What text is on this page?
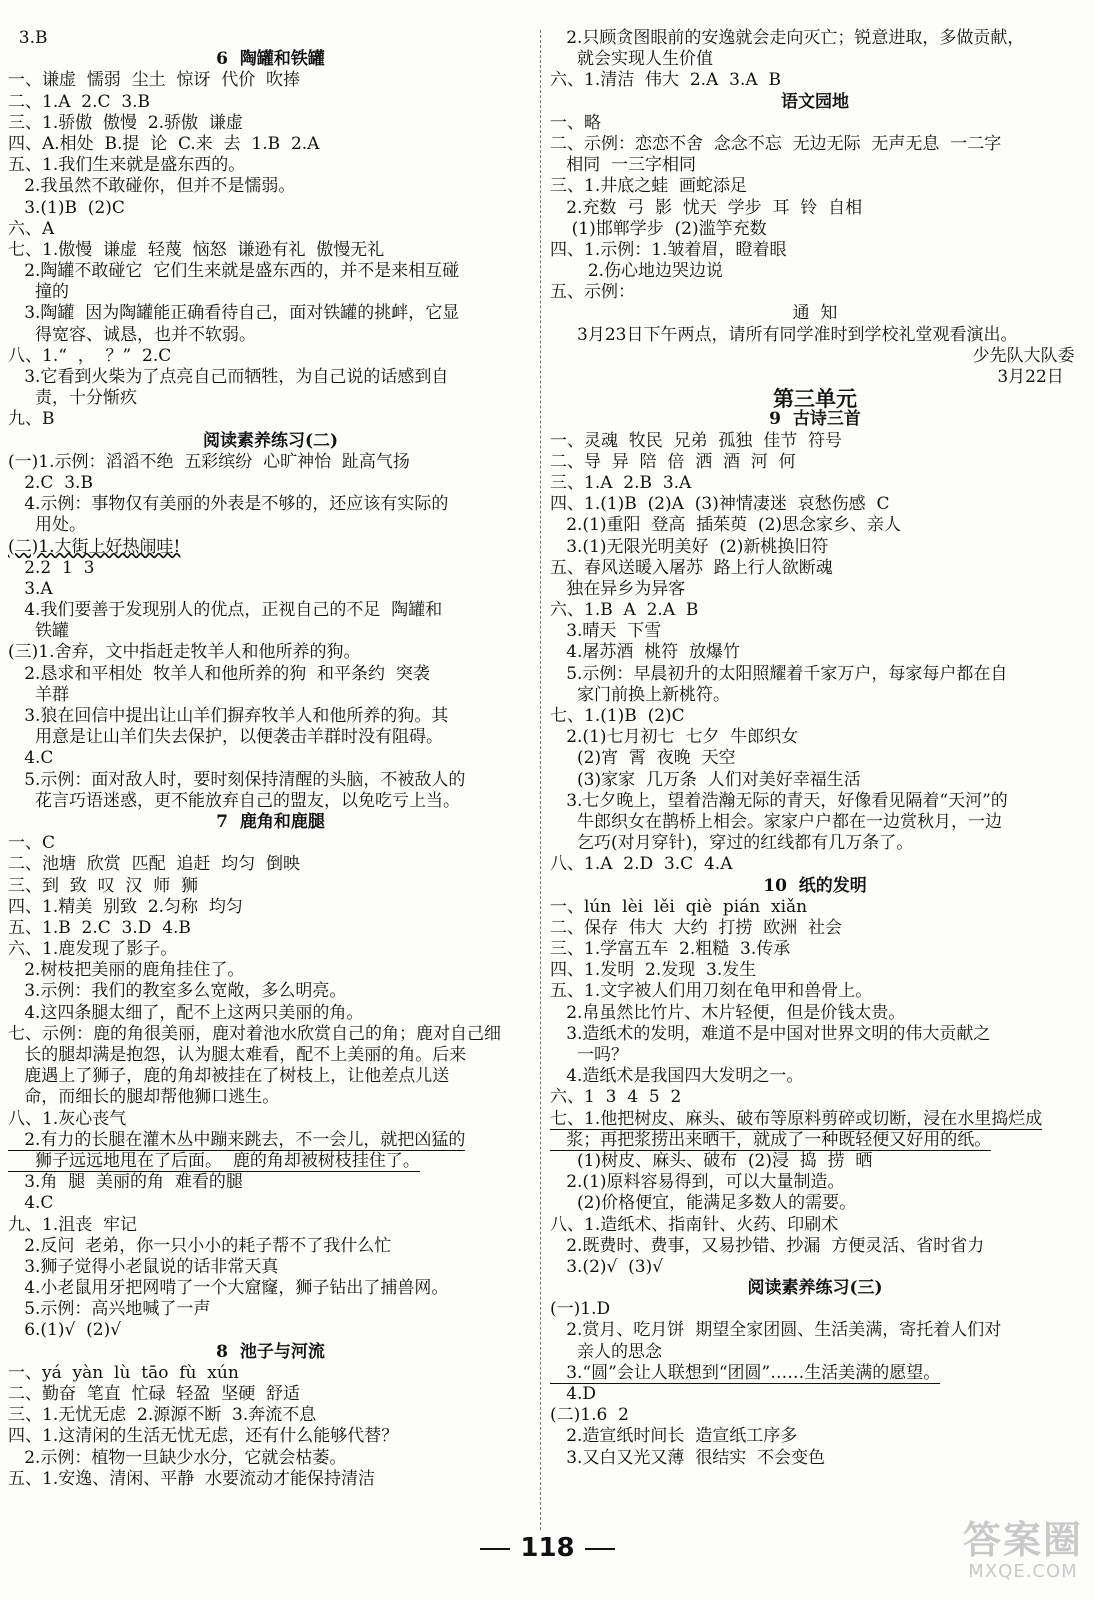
3.B
6  陶罐和铁罐
一、谦虚  懦弱  尘土  惊讶  代价  吹捧
二、1.A  2.C  3.B
三、1.骄傲  傲慢  2.骄傲  谦虚
四、A.相处  B.提  论  C.来  去  1.B  2.A
五、1.我们生来就是盛东西的。
2.我虽然不敢碰你，但并不是懦弱。
3.(1)B  (2)C
六、A
七、1.傲慢  谦虚  轻蔑  恼怒  谦逊有礼  傲慢无礼
2.陶罐不敢碰它  它们生来就是盛东西的，并不是来相互碰
撞的
3.陶罐  因为陶罐能正确看待自己，面对铁罐的挑衅，它显
得宽容、诚恳，也并不软弱。
八、1.“  ，  ？”  2.C
3.它看到火柴为了点亮自己而牺牲，为自己说的话感到自
责，十分惭疚
九、B
阅读素养练习(二)
(一)1.示例：滔滔不绝  五彩缤纷  心旷神怡  趾高气扬
2.C  3.B
4.示例：事物仅有美丽的外表是不够的，还应该有实际的
用处。
(二)1.大街上好热闹哇!
2.2  1  3
3.A
4.我们要善于发现别人的优点，正视自己的不足  陶罐和
铁罐
(三)1.舍弃，文中指赶走牧羊人和他所养的狗。
2.恳求和平相处  牧羊人和他所养的狗  和平条约  突袭
羊群
3.狼在回信中提出让山羊们摒弃牧羊人和他所养的狗。其
用意是让山羊们失去保护，以便袭击羊群时没有阻碍。
4.C
5.示例：面对敌人时，要时刻保持清醒的头脑，不被敌人的
花言巧语迷惑，更不能放弃自己的盟友，以免吃亏上当。
7  鹿角和鹿腿
一、C
二、池塘  欣赏  匹配  追赶  均匀  倒映
三、到  致  叹  汉  师  狮
四、1.精美  别致  2.匀称  均匀
五、1.B  2.C  3.D  4.B
六、1.鹿发现了影子。
2.树枝把美丽的鹿角挂住了。
3.示例：我们的教室多么宽敞，多么明亮。
4.这四条腿太细了，配不上这两只美丽的角。
七、示例：鹿的角很美丽，鹿对着池水欣赏自己的角；鹿对自己细
长的腿却满是抱怨，认为腿太难看，配不上美丽的角。后来
鹿遇上了狮子，鹿的角却被挂在了树枝上，让他差点儿送
命，而细长的腿却帮他狮口逃生。
八、1.灰心丧气
2.有力的长腿在灌木丛中蹦来跳去，不一会儿，就把凶猛的
狮子远远地甩在了后面。  鹿的角却被树枝挂住了。
3.角  腿  美丽的角  难看的腿
4.C
九、1.沮丧  牢记
2.反问  老弟，你一只小小的耗子帮不了我什么忙
3.狮子觉得小老鼠说的话非常天真
4.小老鼠用牙把网啃了一个大窟窿，狮子钻出了捕兽网。
5.示例：高兴地喊了一声
6.(1)√  (2)√
8  池子与河流
一、yá  yàn  lù  tāo  fù  xún
二、勤奋  笔直  忙碌  轻盈  坚硬  舒适
三、1.无忧无虑  2.源源不断  3.奔流不息
四、1.这清闲的生活无忧无虑，还有什么能够代替？
2.示例：植物一旦缺少水分，它就会枯萎。
五、1.安逸、清闲、平静  水要流动才能保持清洁
2.只顾贪图眼前的安逸就会走向灭亡；锐意进取，多做贡献，
就会实现人生价值
六、1.清洁  伟大  2.A  3.A  B
语文园地
一、略
二、示例：恋恋不舍  念念不忘  无边无际  无声无息  一二字
相同  一三字相同
三、1.井底之蛙  画蛇添足
2.充数  弓  影  忧天  学步  耳  铃  自相
(1)邯郸学步  (2)滥竽充数
四、1.示例：1.皱着眉，瞪着眼
2.伤心地边哭边说
五、示例：
通  知
3月23日下午两点，请所有同学准时到学校礼堂观看演出。
少先队大队委
3月22日
第三单元
9  古诗三首
一、灵魂  牧民  兄弟  孤独  佳节  符号
二、导  异  陪  倍  洒  酒  河  何
三、1.A  2.B  3.A
四、1.(1)B  (2)A  (3)神情凄迷  哀愁伤感  C
2.(1)重阳  登高  插茱萸  (2)思念家乡、亲人
3.(1)无限光明美好  (2)新桃换旧符
五、春风送暖入屠苏  路上行人欲断魂
独在异乡为异客
六、1.B  A  2.A  B
3.晴天  下雪
4.屠苏酒  桃符  放爆竹
5.示例：早晨初升的太阳照耀着千家万户，每家每户都在自
家门前换上新桃符。
七、1.(1)B  (2)C
2.(1)七月初七  七夕  牛郎织女
(2)宵  霄  夜晚  天空
(3)家家  几万条  人们对美好幸福生活
3.七夕晚上，望着浩瀚无际的青天，好像看见隔着“天河”的
牛郎织女在鹊桥上相会。家家户户都在一边赏秋月，一边
乞巧(对月穿针)，穿过的红线都有几万条了。
八、1.A  2.D  3.C  4.A
10  纸的发明
一、lún  lèi  lěi  qiè  pián  xiǎn
二、保存  伟大  大约  打捞  欧洲  社会
三、1.学富五车  2.粗糙  3.传承
四、1.发明  2.发现  3.发生
五、1.文字被人们用刀刻在龟甲和兽骨上。
2.帛虽然比竹片、木片轻便，但是价钱太贵。
3.造纸术的发明，难道不是中国对世界文明的伟大贡献之
一吗？
4.造纸术是我国四大发明之一。
六、1  3  4  5  2
七、1.他把树皮、麻头、破布等原料剪碎或切断，浸在水里捣烂成
浆；再把浆捞出来晒干，就成了一种既轻便又好用的纸。
(1)树皮、麻头、破布  (2)浸  捣  捞  晒
2.(1)原料容易得到，可以大量制造。
(2)价格便宜，能满足多数人的需要。
八、1.造纸术、指南针、火药、印刷术
2.既费时、费事，又易抄错、抄漏  方便灵活、省时省力
3.(2)√  (3)√
阅读素养练习(三)
(一)1.D
2.赏月、吃月饼  期望全家团圆、生活美满，寄托着人们对
亲人的思念
3.“圆”会让人联想到“团圆”……生活美满的愿望。
4.D
(二)1.6  2
2.造宣纸时间长  造宣纸工序多
3.又白又光又薄  很结实  不会变色
118	答案圈
MXQE.COM
